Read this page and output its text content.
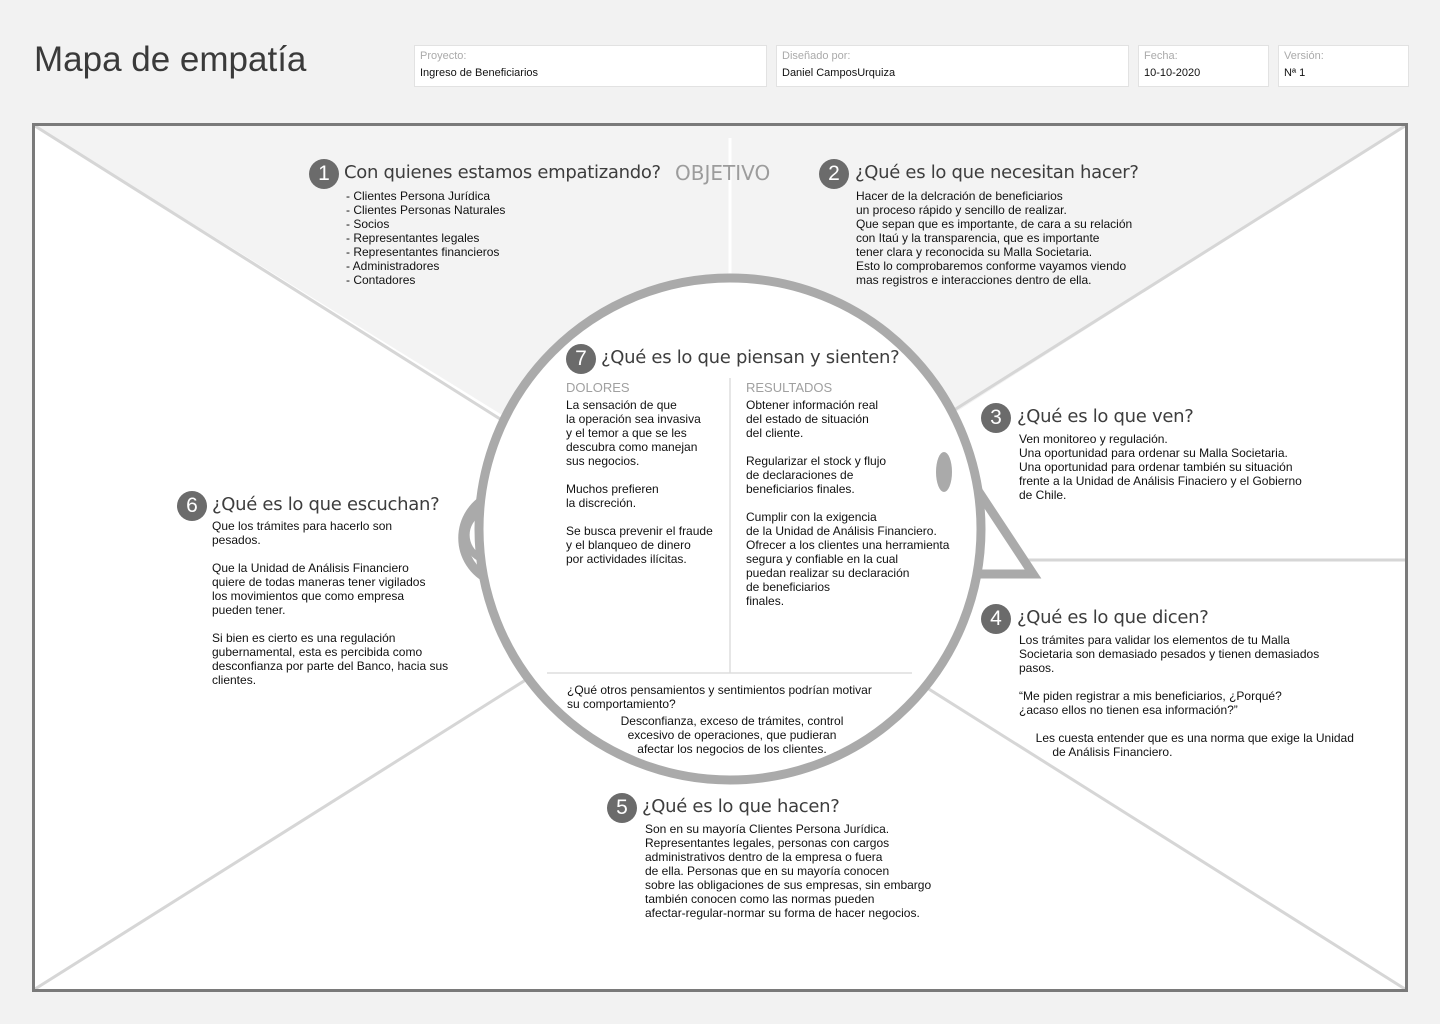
Mapa de empatía	Proyecto:
Ingreso de Beneficiarios
Diseñado por:
Daniel CamposUrquiza
Fecha:
10-10-2020
Versión:
Nª 1
1 Con quienes estamos empatizando? OBJETIVO
- Clientes Persona Jurídica
- Clientes Personas Naturales
- Socios
- Representantes legales
- Representantes financieros
- Administradores
- Contadores
2 ¿Qué es lo que necesitan hacer?
Hacer de la delcración de beneficiarios
un proceso rápido y sencillo de realizar.
Que sepan que es importante, de cara a su relación
con Itaú y la transparencia, que es importante
tener clara y reconocida su Malla Societaria.
Esto lo comprobaremos conforme vayamos viendo
mas registros e interacciones dentro de ella.
3 ¿Qué es lo que ven?
Ven monitoreo y regulación.
Una oportunidad para ordenar su Malla Societaria.
Una oportunidad para ordenar también su situación
frente a la Unidad de Análisis Finaciero y el Gobierno
de Chile.
4 ¿Qué es lo que dicen?
Los trámites para validar los elementos de tu Malla
Societaria son demasiado pesados y tienen demasiados
pasos.

“Me piden registrar a mis beneficiarios, ¿Porqué?
¿acaso ellos no tienen esa información?”

Les cuesta entender que es una norma que exige la Unidad
de Análisis Financiero.
5 ¿Qué es lo que hacen?
Son en su mayoría Clientes Persona Jurídica.
Representantes legales, personas con cargos
administrativos dentro de la empresa o fuera
de ella. Personas que en su mayoría conocen
sobre las obligaciones de sus empresas, sin embargo
también conocen como las normas pueden
afectar-regular-normar su forma de hacer negocios.
6 ¿Qué es lo que escuchan?
Que los trámites para hacerlo son
pesados.

Que la Unidad de Análisis Financiero
quiere de todas maneras tener vigilados
los movimientos que como empresa
pueden tener.

Si bien es cierto es una regulación
gubernamental, esta es percibida como
desconfianza por parte del Banco, hacia sus
clientes.
7 ¿Qué es lo que piensan y sienten?
DOLORES
La sensación de que
la operación sea invasiva
y el temor a que se les
descubra como manejan
sus negocios.

Muchos prefieren
la discreción.

Se busca prevenir el fraude
y el blanqueo de dinero
por actividades ilícitas.
RESULTADOS
Obtener información real
del estado de situación
del cliente.

Regularizar el stock y flujo
de declaraciones de
beneficiarios finales.

Cumplir con la exigencia
de la Unidad de Análisis Financiero.
Ofrecer a los clientes una herramienta
segura y confiable en la cual
puedan realizar su declaración
de beneficiarios
finales.
¿Qué otros pensamientos y sentimientos podrían motivar
su comportamiento?
Desconfianza, exceso de trámites, control
excesivo de operaciones, que pudieran
afectar los negocios de los clientes.
